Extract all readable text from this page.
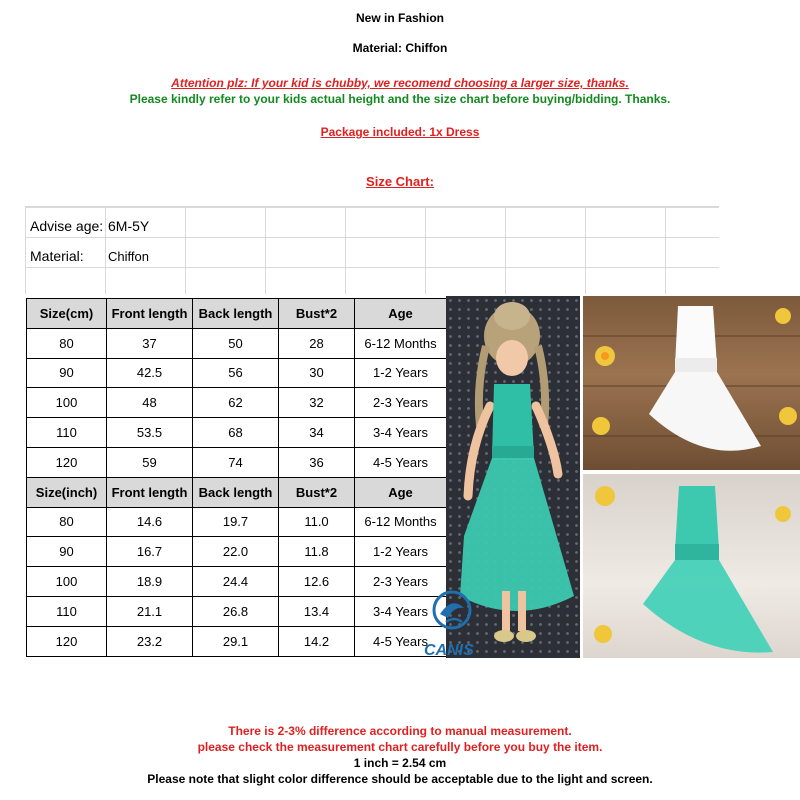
New in Fashion
Material: Chiffon
Attention plz: If your kid is chubby, we recomend choosing a larger size, thanks.
Please kindly refer to your kids actual height and the size chart before buying/bidding. Thanks.
Package included: 1x Dress
Size Chart:
Advise age: 6M-5Y
Material: Chiffon
Size(cm)	Front length	Back length	Bust*2	Age
80	37	50	28	6-12 Months
90	42.5	56	30	1-2 Years
100	48	62	32	2-3 Years
110	53.5	68	34	3-4 Years
120	59	74	36	4-5 Years
Size(inch)	Front length	Back length	Bust*2	Age
80	14.6	19.7	11.0	6-12 Months
90	16.7	22.0	11.8	1-2 Years
100	18.9	24.4	12.6	2-3 Years
110	21.1	26.8	13.4	3-4 Years
120	23.2	29.1	14.2	4-5 Years
CANIS
There is 2-3% difference according to manual measurement.
please check the measurement chart carefully before you buy the item.
1 inch = 2.54 cm
Please note that slight color difference should be acceptable due to the light and screen.
